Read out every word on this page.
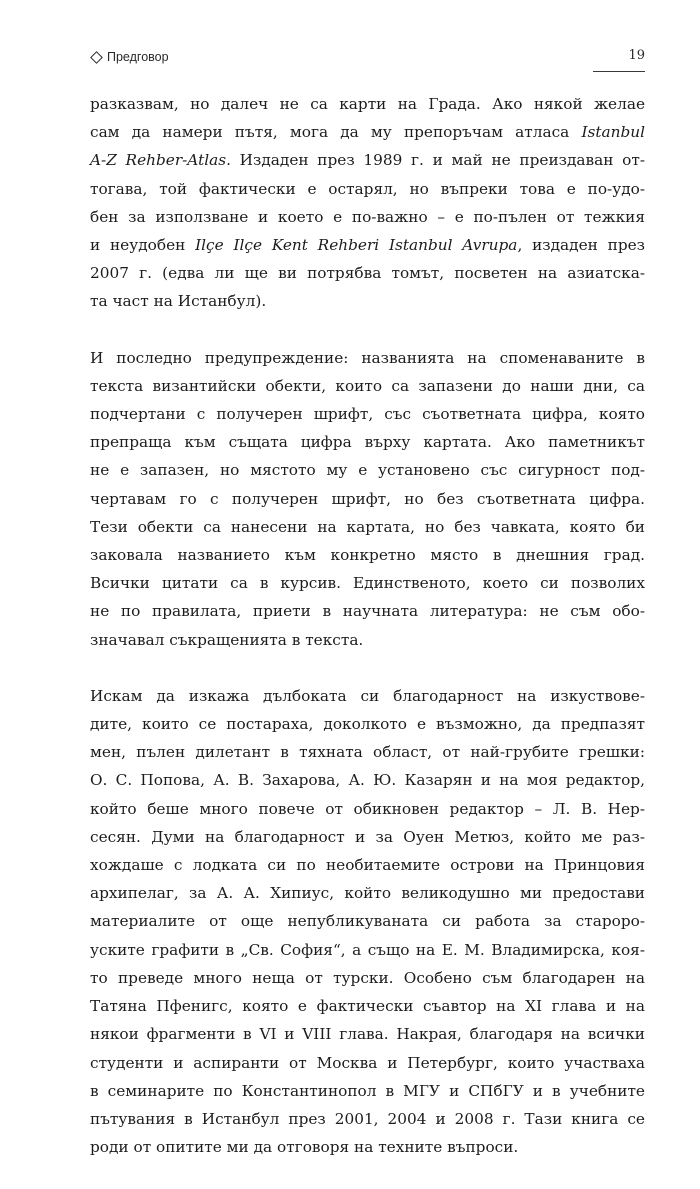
Предговор	19
разказвам, но далеч не са карти на Града. Ако някой желае
сам да намери пътя, мога да му препоръчам атласа Istanbul
A-Z Rehber-Atlas. Издаден през 1989 г. и май не преиздаван от-
тогава, той фактически е остарял, но въпреки това е по-удо-
бен за използване и което е по-важно – е по-пълен от тежкия
и неудобен Ilçe Ilçe Kent Rehberi Istanbul Avrupa, издаден през
2007 г. (едва ли ще ви потрябва томът, посветен на азиатска-
та част на Истанбул).
И последно предупреждение: названията на споменаваните в
текста византийски обекти, които са запазени до наши дни, са
подчертани с получерен шрифт, със съответната цифра, която
препраща към същата цифра върху картата. Ако паметникът
не е запазен, но мястото му е установено със сигурност под-
чертавам го с получерен шрифт, но без съответната цифра.
Тези обекти са нанесени на картата, но без чавката, която би
заковала названието към конкретно място в днешния град.
Всички цитати са в курсив. Единственото, което си позволих
не по правилата, приети в научната литература: не съм обо-
значавал съкращенията в текста.
Искам да изкажа дълбоката си благодарност на изкуствове-
дите, които се постараха, доколкото е възможно, да предпазят
мен, пълен дилетант в тяхната област, от най-грубите грешки:
О. С. Попова, А. В. Захарова, А. Ю. Казарян и на моя редактор,
който беше много повече от обикновен редактор – Л. В. Нер-
сесян. Думи на благодарност и за Оуен Метюз, който ме раз-
хождаше с лодката си по необитаемите острови на Принцовия
архипелаг, за А. А. Хипиус, който великодушно ми предостави
материалите от още непубликуваната си работа за староро-
уските графити в „Св. София“, а също на Е. М. Владимирска, коя-
то преведе много неща от турски. Особено съм благодарен на
Татяна Пфенигс, която е фактически съавтор на XI глава и на
някои фрагменти в VI и VIII глава. Накрая, благодаря на всички
студенти и аспиранти от Москва и Петербург, които участваха
в семинарите по Константинопол в МГУ и СПбГУ и в учебните
пътувания в Истанбул през 2001, 2004 и 2008 г. Тази книга се
роди от опитите ми да отговоря на техните въпроси.
